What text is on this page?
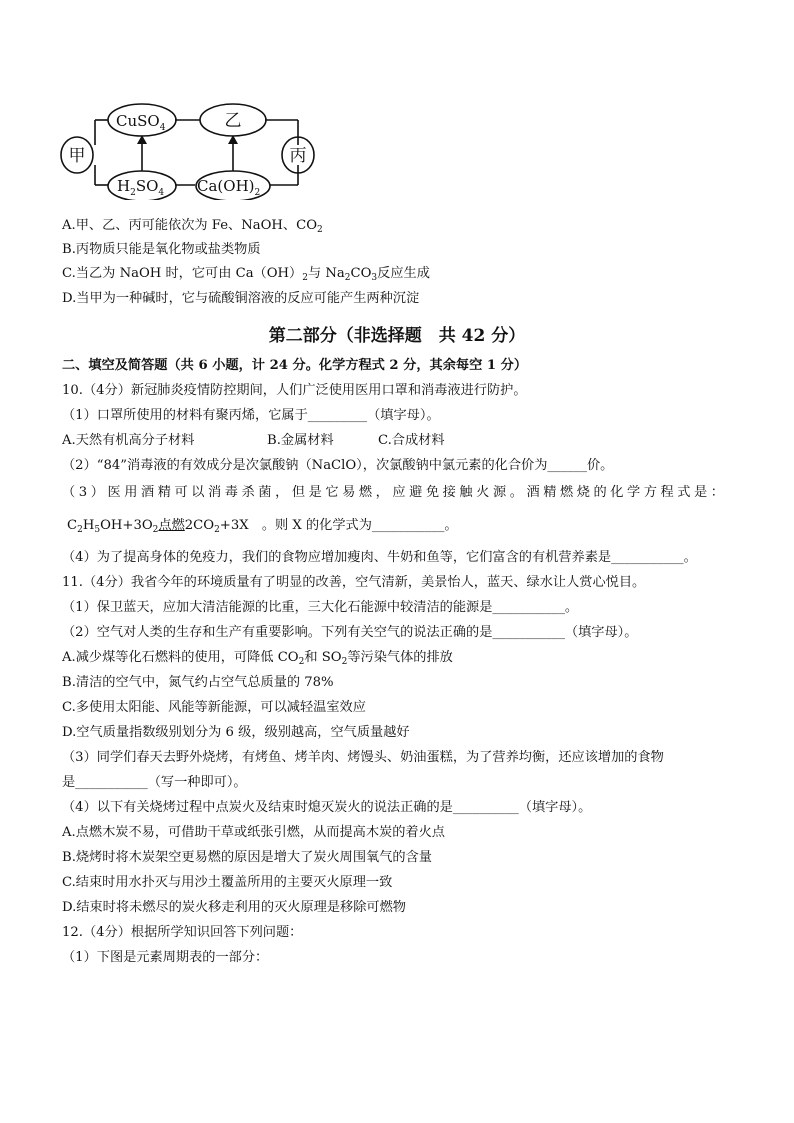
甲
乙
丙
CuSO$_4$
$H_2SO_4$ $Ca(OH)_2$
A.甲、乙、丙可能依次为 Fe、NaOH、$CO_2$
B.丙物质只能是氧化物或盐类物质
C.当乙为 NaOH 时，它可由 $Ca(OH)_2$与 $Na_2CO_3$反应生成
D.当甲为一种碱时，它与硫酸铜溶液的反应可能产生两种沉淀
第二部分（非选择题　共 42 分）
二、填空及简答题（共 6 小题，计 24 分。化学方程式 2 分，其余每空 1 分）
10.（4分）新冠肺炎疫情防控期间，人们广泛使用医用口罩和消毒液进行防护。
（1）口罩所使用的材料有聚丙烯，它属于_________（填字母）。
A.天然有机高分子材料	B.金属材料	C.合成材料
（2）“84”消毒液的有效成分是次氯酸钠（NaClO），次氯酸钠中氯元素的化合价为______价。
（3）医用酒精可以消毒杀菌，但是它易燃，应避免接触火源。酒精燃烧的化学方程式是：
$C_2H_5OH+3O_2$点燃$2CO_2+3X$　。则 X 的化学式为___________。
（4）为了提高身体的免疫力，我们的食物应增加瘦肉、牛奶和鱼等，它们富含的有机营养素是___________。
11.（4分）我省今年的环境质量有了明显的改善，空气清新，美景怡人，蓝天、绿水让人赏心悦目。
（1）保卫蓝天，应加大清洁能源的比重，三大化石能源中较清洁的能源是___________。
（2）空气对人类的生存和生产有重要影响。下列有关空气的说法正确的是___________（填字母）。
A.减少煤等化石燃料的使用，可降低 $CO_2$和 $SO_2$等污染气体的排放
B.清洁的空气中，氮气约占空气总质量的 78%
C.多使用太阳能、风能等新能源，可以减轻温室效应
D.空气质量指数级别划分为 6 级，级别越高，空气质量越好
（3）同学们春天去野外烧烤，有烤鱼、烤羊肉、烤馒头、奶油蛋糕，为了营养均衡，还应该增加的食物
是___________（写一种即可）。
（4）以下有关烧烤过程中点炭火及结束时熄灭炭火的说法正确的是__________（填字母）。
A.点燃木炭不易，可借助干草或纸张引燃，从而提高木炭的着火点
B.烧烤时将木炭架空更易燃的原因是增大了炭火周围氧气的含量
C.结束时用水扑灭与用沙土覆盖所用的主要灭火原理一致
D.结束时将未燃尽的炭火移走利用的灭火原理是移除可燃物
12.（4分）根据所学知识回答下列问题：
（1）下图是元素周期表的一部分：
